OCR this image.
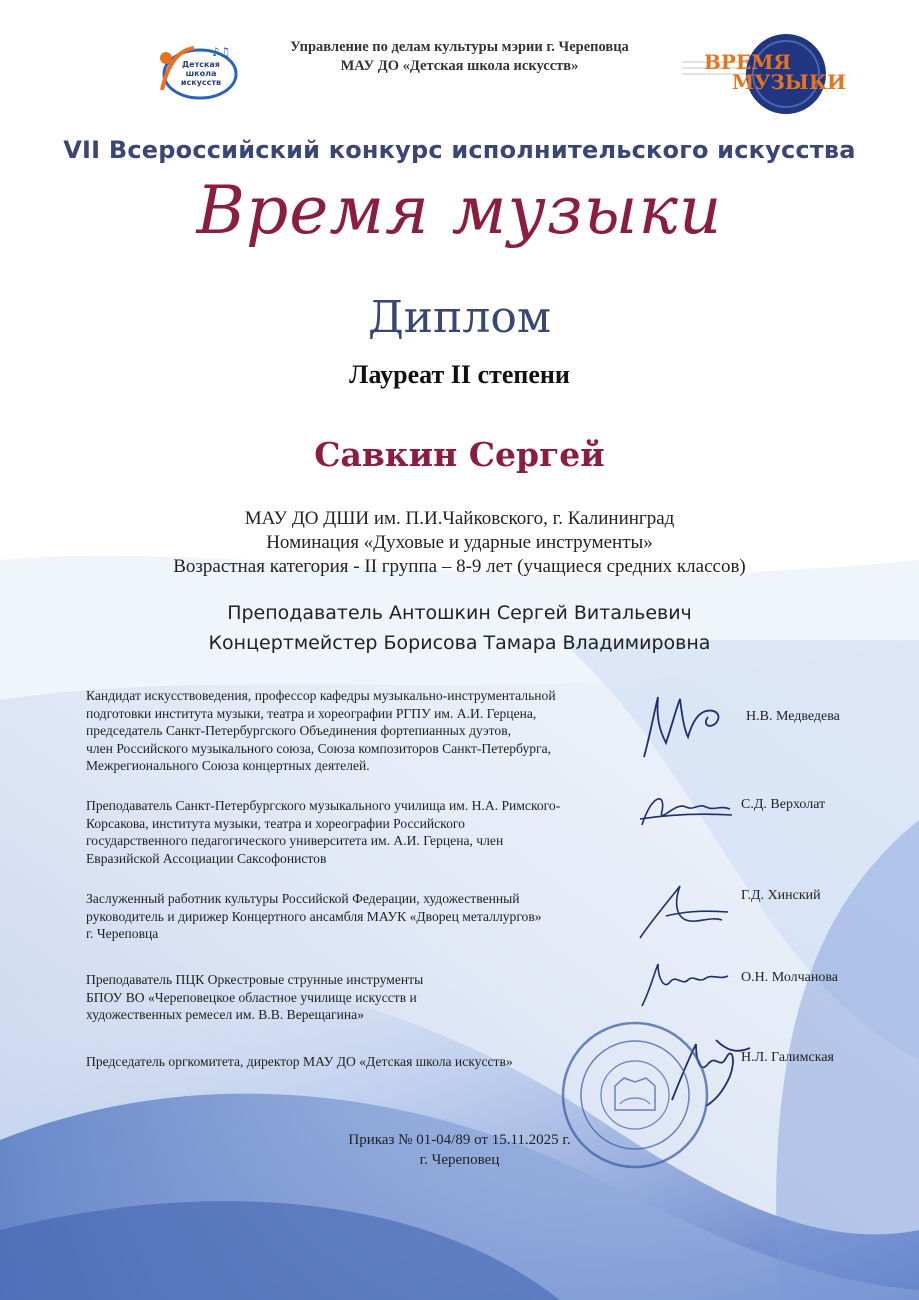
♪♫
Детская
школа
искусств
ВРЕМЯ
МУЗЫКИ
Управление по делам культуры мэрии г. Череповца
МАУ ДО «Детская школа искусств»
VII Всероссийский конкурс исполнительского искусства
Время музыки
Диплом
Лауреат II степени
Савкин Сергей
МАУ ДО ДШИ им. П.И.Чайковского, г. Калининград
Номинация «Духовые и ударные инструменты»
Возрастная категория - II группа – 8-9 лет (учащиеся средних классов)
Преподаватель Антошкин Сергей Витальевич
Концертмейстер Борисова Тамара Владимировна
Кандидат искусствоведения, профессор кафедры музыкально-инструментальной
подготовки института музыки, театра и хореографии РГПУ им. А.И. Герцена,
председатель Санкт-Петербургского Объединения фортепианных дуэтов,
член Российского музыкального союза, Союза композиторов Санкт-Петербурга,
Межрегионального Союза концертных деятелей.
Н.В. Медведева
Преподаватель Санкт-Петербургского музыкального училища им. Н.А. Римского-
Корсакова, института музыки, театра и хореографии Российского
государственного педагогического университета им. А.И. Герцена, член
Евразийской Ассоциации Саксофонистов
С.Д. Верхолат
Заслуженный работник культуры Российской Федерации, художественный
руководитель и дирижер Концертного ансамбля МАУК «Дворец металлургов»
г. Череповца
Г.Д. Хинский
Преподаватель ПЦК Оркестровые струнные инструменты
БПОУ ВО «Череповецкое областное училище искусств и
художественных ремесел им. В.В. Верещагина»
О.Н. Молчанова
Председатель оргкомитета, директор МАУ ДО «Детская школа искусств»	Н.Л. Галимская
Приказ № 01-04/89 от 15.11.2025 г.
г. Череповец
